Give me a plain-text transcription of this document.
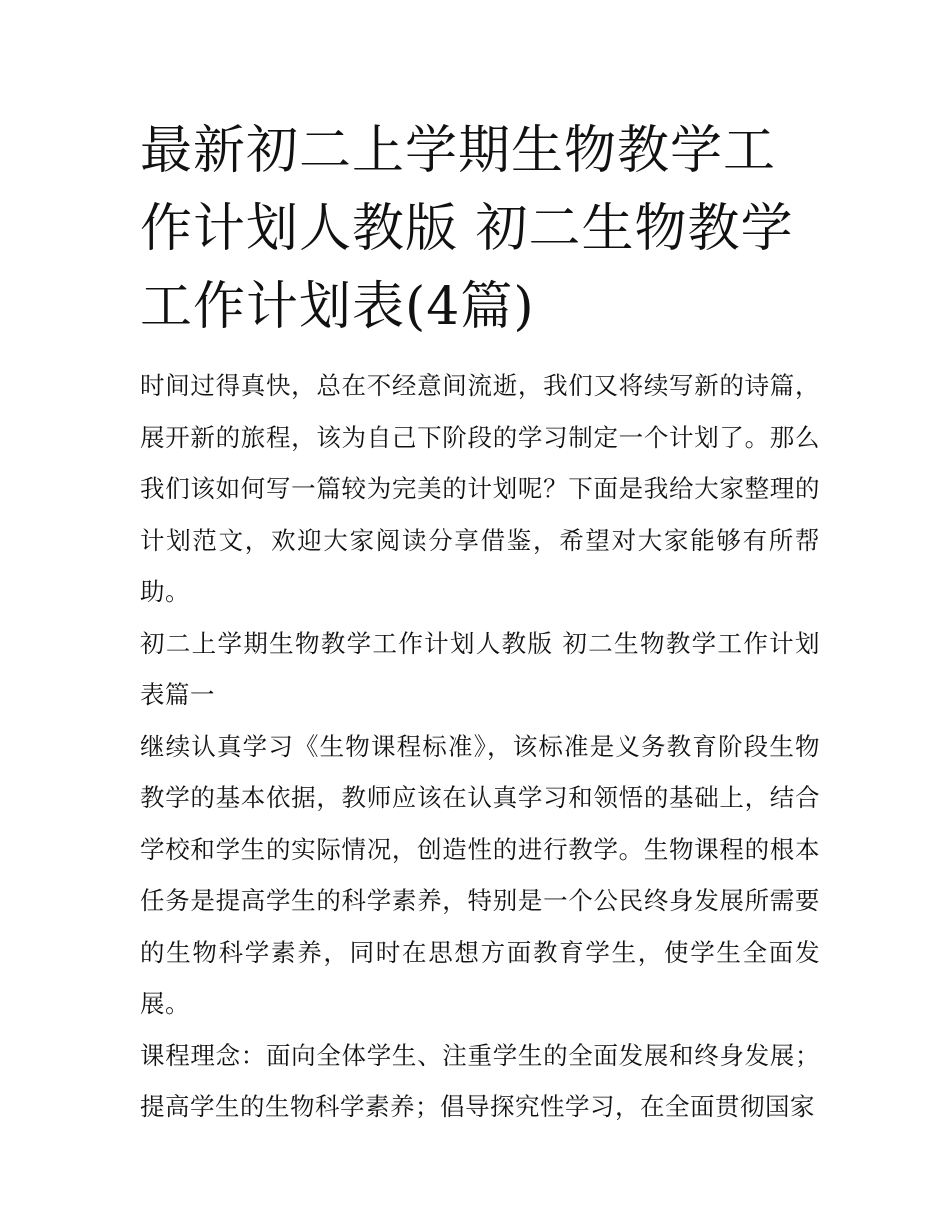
最新初二上学期生物教学工作计划人教版 初二生物教学工作计划表(4篇)

时间过得真快，总在不经意间流逝，我们又将续写新的诗篇，展开新的旅程，该为自己下阶段的学习制定一个计划了。那么我们该如何写一篇较为完美的计划呢？下面是我给大家整理的计划范文，欢迎大家阅读分享借鉴，希望对大家能够有所帮助。

初二上学期生物教学工作计划人教版 初二生物教学工作计划表篇一

继续认真学习《生物课程标准》，该标准是义务教育阶段生物教学的基本依据，教师应该在认真学习和领悟的基础上，结合学校和学生的实际情况，创造性的进行教学。生物课程的根本任务是提高学生的科学素养，特别是一个公民终身发展所需要的生物科学素养，同时在思想方面教育学生，使学生全面发展。

课程理念：面向全体学生、注重学生的全面发展和终身发展；提高学生的生物科学素养；倡导探究性学习，在全面贯彻国家
